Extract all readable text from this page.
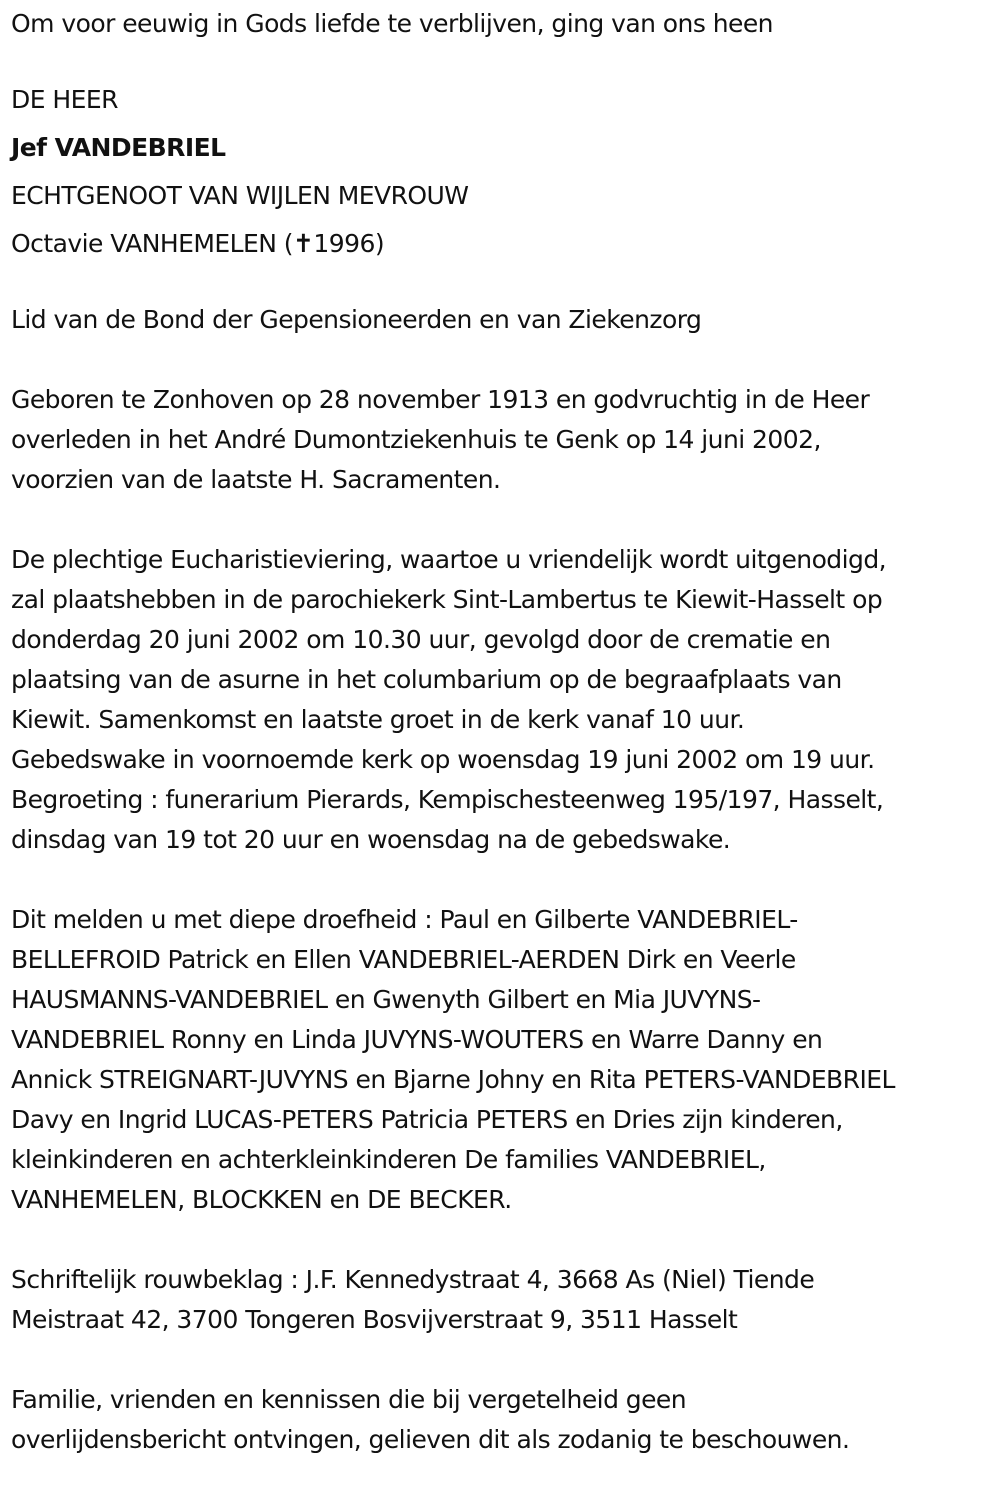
Om voor eeuwig in Gods liefde te verblijven, ging van ons heen
DE HEER
Jef VANDEBRIEL
ECHTGENOOT VAN WIJLEN MEVROUW
Octavie VANHEMELEN (✝1996)
Lid van de Bond der Gepensioneerden en van Ziekenzorg
Geboren te Zonhoven op 28 november 1913 en godvruchtig in de Heer
overleden in het André Dumontziekenhuis te Genk op 14 juni 2002,
voorzien van de laatste H. Sacramenten.
De plechtige Eucharistieviering, waartoe u vriendelijk wordt uitgenodigd,
zal plaatshebben in de parochiekerk Sint-Lambertus te Kiewit-Hasselt op
donderdag 20 juni 2002 om 10.30 uur, gevolgd door de crematie en
plaatsing van de asurne in het columbarium op de begraafplaats van
Kiewit. Samenkomst en laatste groet in de kerk vanaf 10 uur.
Gebedswake in voornoemde kerk op woensdag 19 juni 2002 om 19 uur.
Begroeting : funerarium Pierards, Kempischesteenweg 195/197, Hasselt,
dinsdag van 19 tot 20 uur en woensdag na de gebedswake.
Dit melden u met diepe droefheid : Paul en Gilberte VANDEBRIEL-
BELLEFROID Patrick en Ellen VANDEBRIEL-AERDEN Dirk en Veerle
HAUSMANNS-VANDEBRIEL en Gwenyth Gilbert en Mia JUVYNS-
VANDEBRIEL Ronny en Linda JUVYNS-WOUTERS en Warre Danny en
Annick STREIGNART-JUVYNS en Bjarne Johny en Rita PETERS-VANDEBRIEL
Davy en Ingrid LUCAS-PETERS Patricia PETERS en Dries zijn kinderen,
kleinkinderen en achterkleinkinderen De families VANDEBRIEL,
VANHEMELEN, BLOCKKEN en DE BECKER.
Schriftelijk rouwbeklag : J.F. Kennedystraat 4, 3668 As (Niel) Tiende
Meistraat 42, 3700 Tongeren Bosvijverstraat 9, 3511 Hasselt
Familie, vrienden en kennissen die bij vergetelheid geen
overlijdensbericht ontvingen, gelieven dit als zodanig te beschouwen.
